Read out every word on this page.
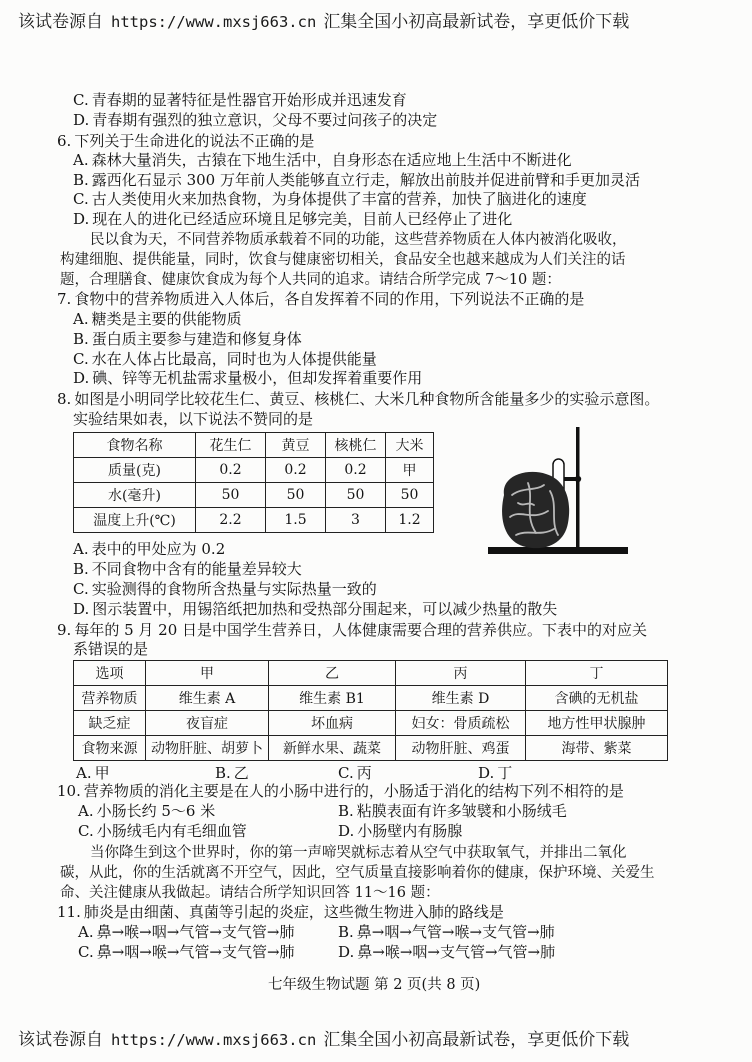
该试卷源自 https://www.mxsj663.cn 汇集全国小初高最新试卷，享更低价下载
C. 青春期的显著特征是性器官开始形成并迅速发育
D. 青春期有强烈的独立意识，父母不要过问孩子的决定
6. 下列关于生命进化的说法不正确的是
A. 森林大量消失，古猿在下地生活中，自身形态在适应地上生活中不断进化
B. 露西化石显示 300 万年前人类能够直立行走，解放出前肢并促进前臂和手更加灵活
C. 古人类使用火来加热食物，为身体提供了丰富的营养，加快了脑进化的速度
D. 现在人的进化已经适应环境且足够完美，目前人已经停止了进化
民以食为天，不同营养物质承载着不同的功能，这些营养物质在人体内被消化吸收，
构建细胞、提供能量，同时，饮食与健康密切相关，食品安全也越来越成为人们关注的话
题，合理膳食、健康饮食成为每个人共同的追求。请结合所学完成 7～10 题：
7. 食物中的营养物质进入人体后，各自发挥着不同的作用，下列说法不正确的是
A. 糖类是主要的供能物质
B. 蛋白质主要参与建造和修复身体
C. 水在人体占比最高，同时也为人体提供能量
D. 碘、锌等无机盐需求量极小，但却发挥着重要作用
8. 如图是小明同学比较花生仁、黄豆、核桃仁、大米几种食物所含能量多少的实验示意图。
实验结果如表，以下说法不赞同的是
食物名称	花生仁	黄豆	核桃仁	大米
质量(克)	0.2	0.2	0.2	甲
水(毫升)	50	50	50	50
温度上升(℃)	2.2	1.5	3	1.2
A. 表中的甲处应为 0.2
B. 不同食物中含有的能量差异较大
C. 实验测得的食物所含热量与实际热量一致的
D. 图示装置中，用锡箔纸把加热和受热部分围起来，可以减少热量的散失
9. 每年的 5 月 20 日是中国学生营养日，人体健康需要合理的营养供应。下表中的对应关
系错误的是
选项	甲	乙	丙	丁
营养物质	维生素 A	维生素 B1	维生素 D	含碘的无机盐
缺乏症	夜盲症	坏血病	妇女：骨质疏松	地方性甲状腺肿
食物来源	动物肝脏、胡萝卜	新鲜水果、蔬菜	动物肝脏、鸡蛋	海带、紫菜
A. 甲	B. 乙	C. 丙	D. 丁
10. 营养物质的消化主要是在人的小肠中进行的，小肠适于消化的结构下列不相符的是
A. 小肠长约 5～6 米	B. 粘膜表面有许多皱襞和小肠绒毛
C. 小肠绒毛内有毛细血管	D. 小肠壁内有肠腺
当你降生到这个世界时，你的第一声啼哭就标志着从空气中获取氧气，并排出二氧化
碳，从此，你的生活就离不开空气，因此，空气质量直接影响着你的健康，保护环境、关爱生
命、关注健康从我做起。请结合所学知识回答 11～16 题：
11. 肺炎是由细菌、真菌等引起的炎症，这些微生物进入肺的路线是
A. 鼻→喉→咽→气管→支气管→肺	B. 鼻→咽→气管→喉→支气管→肺
C. 鼻→咽→喉→气管→支气管→肺	D. 鼻→喉→咽→支气管→气管→肺
七年级生物试题 第 2 页(共 8 页)
该试卷源自 https://www.mxsj663.cn 汇集全国小初高最新试卷，享更低价下载
